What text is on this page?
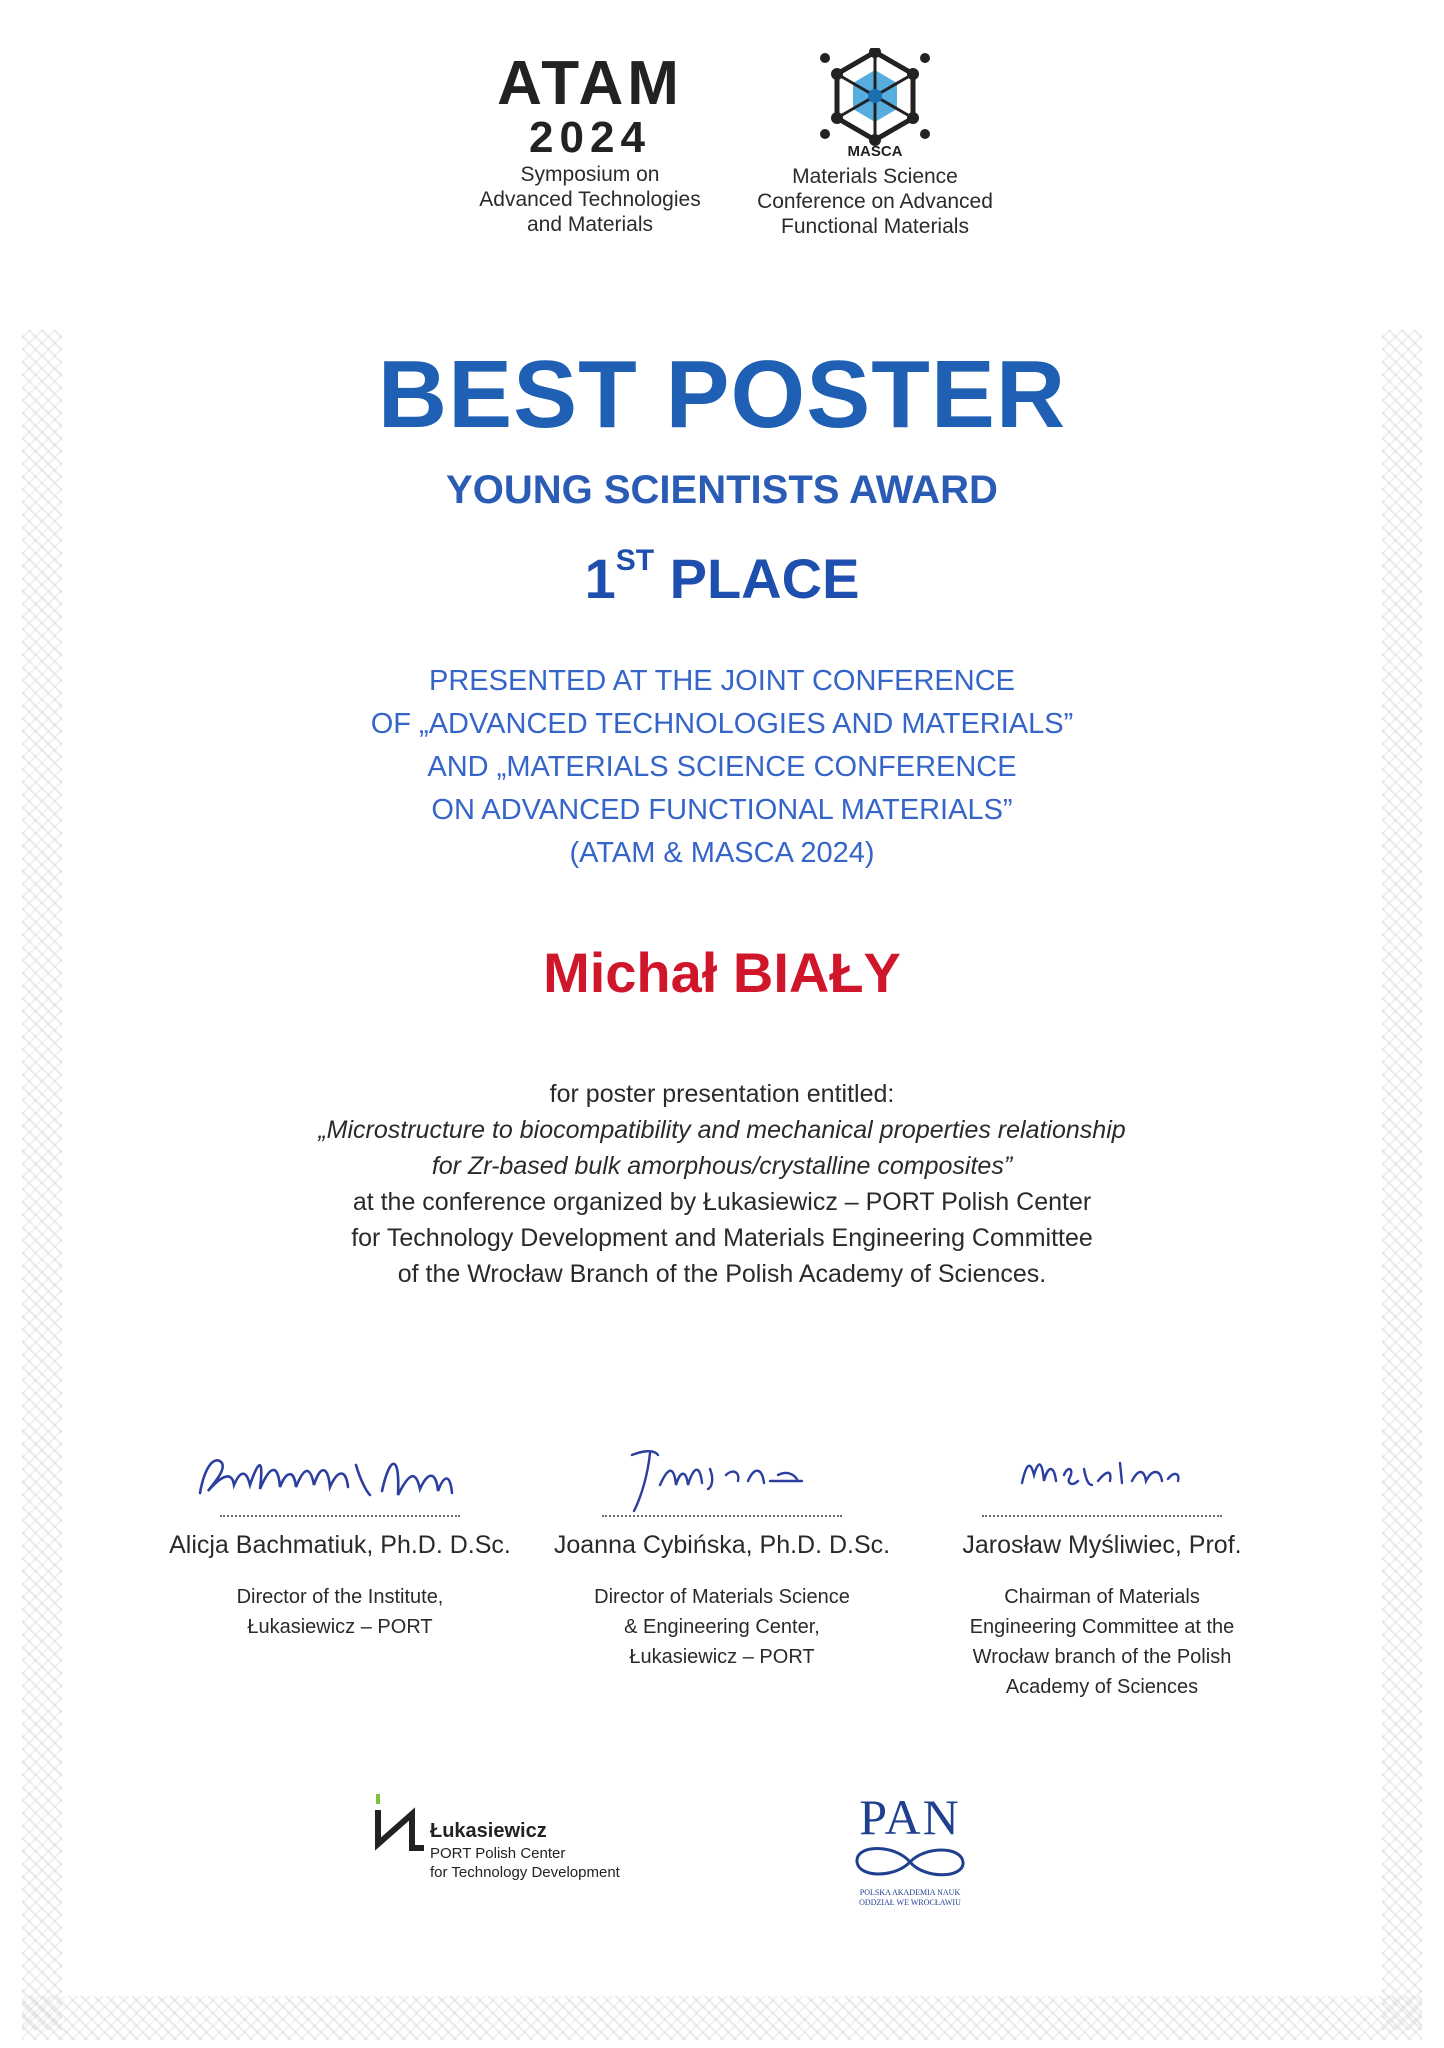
ATAM
2024
Symposium on
Advanced Technologies
and Materials
MASCA
Materials Science
Conference on Advanced
Functional Materials
BEST POSTER
YOUNG SCIENTISTS AWARD
1ST PLACE
PRESENTED AT THE JOINT CONFERENCE
OF „ADVANCED TECHNOLOGIES AND MATERIALS”
AND „MATERIALS SCIENCE CONFERENCE
ON ADVANCED FUNCTIONAL MATERIALS”
(ATAM & MASCA 2024)
Michał BIAŁY
for poster presentation entitled:
„Microstructure to biocompatibility and mechanical properties relationship
for Zr-based bulk amorphous/crystalline composites”
at the conference organized by Łukasiewicz – PORT Polish Center
for Technology Development and Materials Engineering Committee
of the Wrocław Branch of the Polish Academy of Sciences.
Alicja Bachmatiuk, Ph.D. D.Sc.
Director of the Institute,
Łukasiewicz – PORT
Joanna Cybińska, Ph.D. D.Sc.
Director of Materials Science
& Engineering Center,
Łukasiewicz – PORT
Jarosław Myśliwiec, Prof.
Chairman of Materials
Engineering Committee at the
Wrocław branch of the Polish
Academy of Sciences
Łukasiewicz
PORT Polish Center
for Technology Development
PAN
POLSKA AKADEMIA NAUK
ODDZIAŁ WE WROCŁAWIU
